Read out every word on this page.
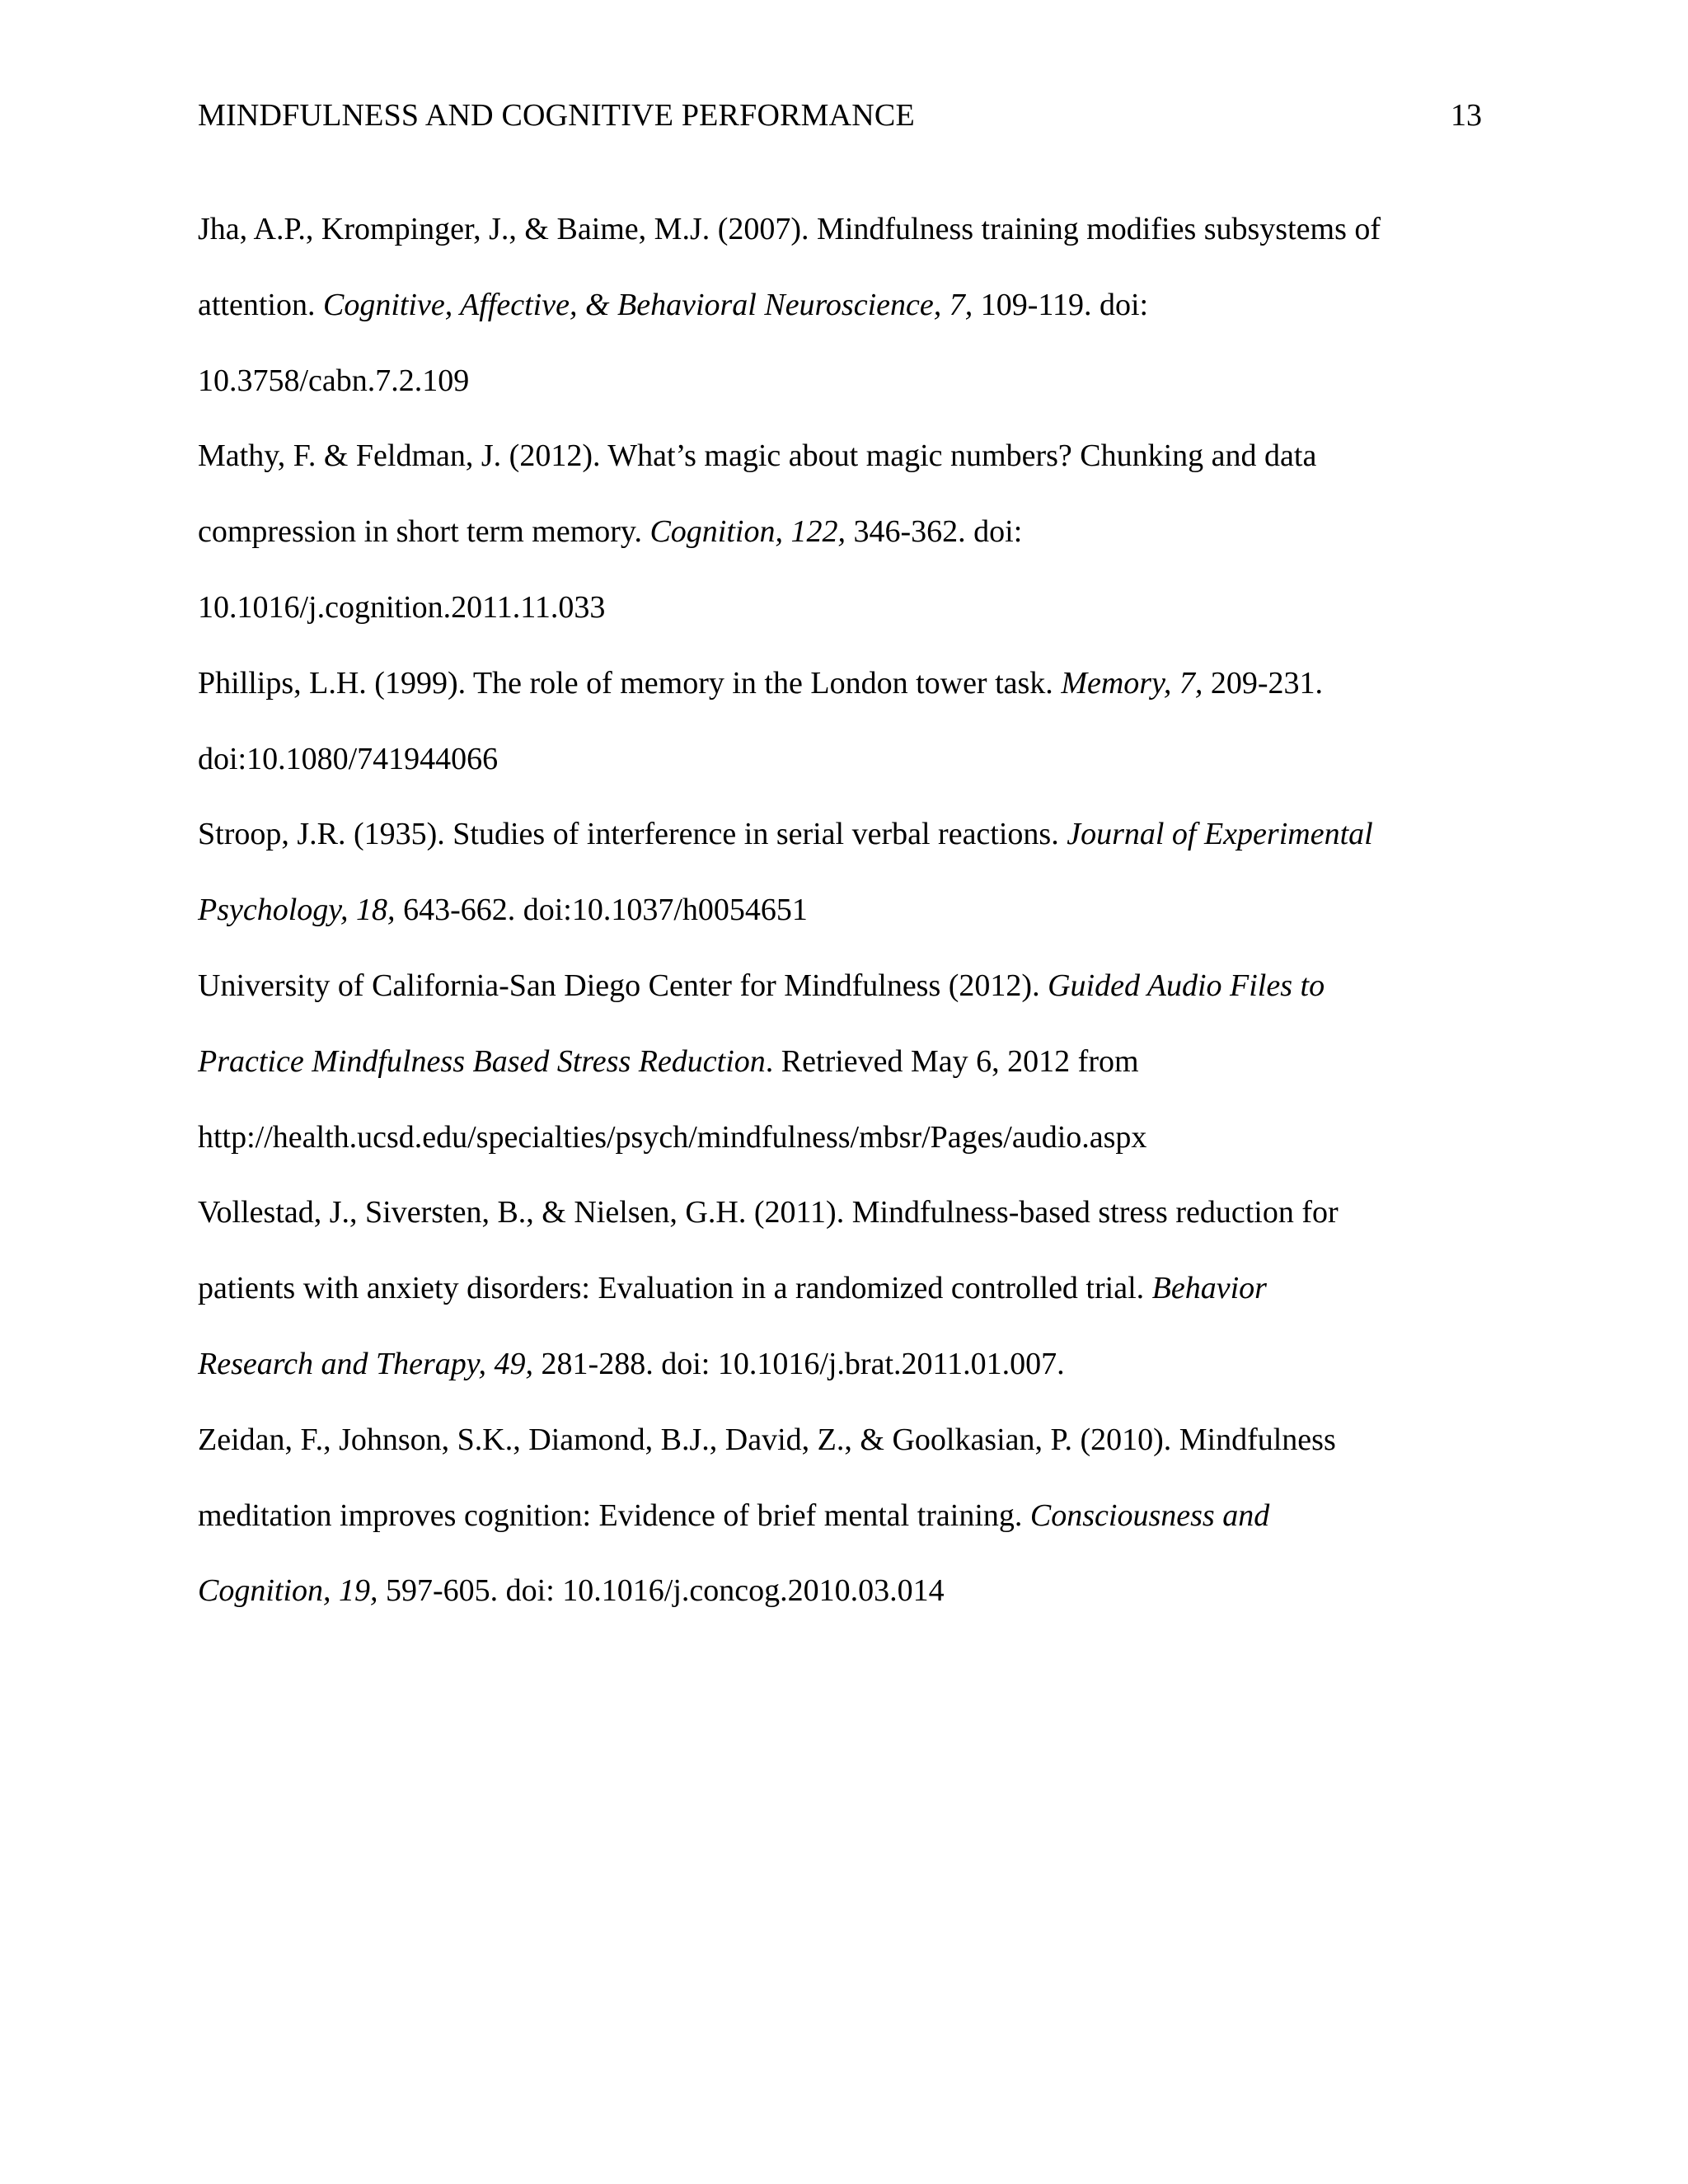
MINDFULNESS AND COGNITIVE PERFORMANCE	13
Jha, A.P., Krompinger, J., & Baime, M.J. (2007). Mindfulness training modifies subsystems of
attention. Cognitive, Affective, & Behavioral Neuroscience, 7, 109-119. doi:
10.3758/cabn.7.2.109
Mathy, F. & Feldman, J. (2012). What’s magic about magic numbers? Chunking and data
compression in short term memory. Cognition, 122, 346-362. doi:
10.1016/j.cognition.2011.11.033
Phillips, L.H. (1999). The role of memory in the London tower task. Memory, 7, 209-231.
doi:10.1080/741944066
Stroop, J.R. (1935). Studies of interference in serial verbal reactions. Journal of Experimental
Psychology, 18, 643-662. doi:10.1037/h0054651
University of California-San Diego Center for Mindfulness (2012). Guided Audio Files to
Practice Mindfulness Based Stress Reduction. Retrieved May 6, 2012 from
http://health.ucsd.edu/specialties/psych/mindfulness/mbsr/Pages/audio.aspx
Vollestad, J., Siversten, B., & Nielsen, G.H. (2011). Mindfulness-based stress reduction for
patients with anxiety disorders: Evaluation in a randomized controlled trial. Behavior
Research and Therapy, 49, 281-288. doi: 10.1016/j.brat.2011.01.007.
Zeidan, F., Johnson, S.K., Diamond, B.J., David, Z., & Goolkasian, P. (2010). Mindfulness
meditation improves cognition: Evidence of brief mental training. Consciousness and
Cognition, 19, 597-605. doi: 10.1016/j.concog.2010.03.014
